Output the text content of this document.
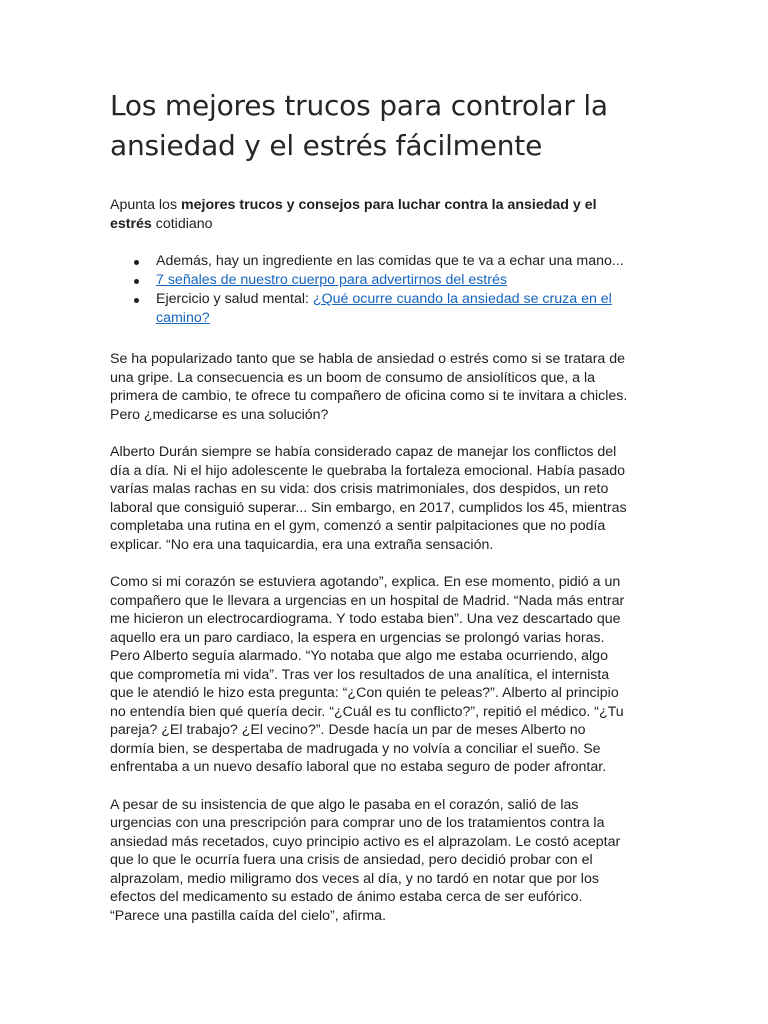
Los mejores trucos para controlar la ansiedad y el estrés fácilmente

Apunta los mejores trucos y consejos para luchar contra la ansiedad y el estrés cotidiano

Además, hay un ingrediente en las comidas que te va a echar una mano...
7 señales de nuestro cuerpo para advertirnos del estrés
Ejercicio y salud mental: ¿Qué ocurre cuando la ansiedad se cruza en el camino?

Se ha popularizado tanto que se habla de ansiedad o estrés como si se tratara de una gripe. La consecuencia es un boom de consumo de ansiolíticos que, a la primera de cambio, te ofrece tu compañero de oficina como si te invitara a chicles. Pero ¿medicarse es una solución?

Alberto Durán siempre se había considerado capaz de manejar los conflictos del día a día. Ni el hijo adolescente le quebraba la fortaleza emocional. Había pasado varías malas rachas en su vida: dos crisis matrimoniales, dos despidos, un reto laboral que consiguió superar... Sin embargo, en 2017, cumplidos los 45, mientras completaba una rutina en el gym, comenzó a sentir palpitaciones que no podía explicar. “No era una taquicardia, era una extraña sensación.

Como si mi corazón se estuviera agotando”, explica. En ese momento, pidió a un compañero que le llevara a urgencias en un hospital de Madrid. “Nada más entrar me hicieron un electrocardiograma. Y todo estaba bien”. Una vez descartado que aquello era un paro cardiaco, la espera en urgencias se prolongó varias horas. Pero Alberto seguía alarmado. “Yo notaba que algo me estaba ocurriendo, algo que comprometía mi vida”. Tras ver los resultados de una analítica, el internista que le atendió le hizo esta pregunta: “¿Con quién te peleas?”. Alberto al principio no entendía bien qué quería decir. “¿Cuál es tu conflicto?”, repitió el médico. “¿Tu pareja? ¿El trabajo? ¿El vecino?”. Desde hacía un par de meses Alberto no dormía bien, se despertaba de madrugada y no volvía a conciliar el sueño. Se enfrentaba a un nuevo desafío laboral que no estaba seguro de poder afrontar.

A pesar de su insistencia de que algo le pasaba en el corazón, salió de las urgencias con una prescripción para comprar uno de los tratamientos contra la ansiedad más recetados, cuyo principio activo es el alprazolam. Le costó aceptar que lo que le ocurría fuera una crisis de ansiedad, pero decidió probar con el alprazolam, medio miligramo dos veces al día, y no tardó en notar que por los efectos del medicamento su estado de ánimo estaba cerca de ser eufórico. “Parece una pastilla caída del cielo”, afirma.
